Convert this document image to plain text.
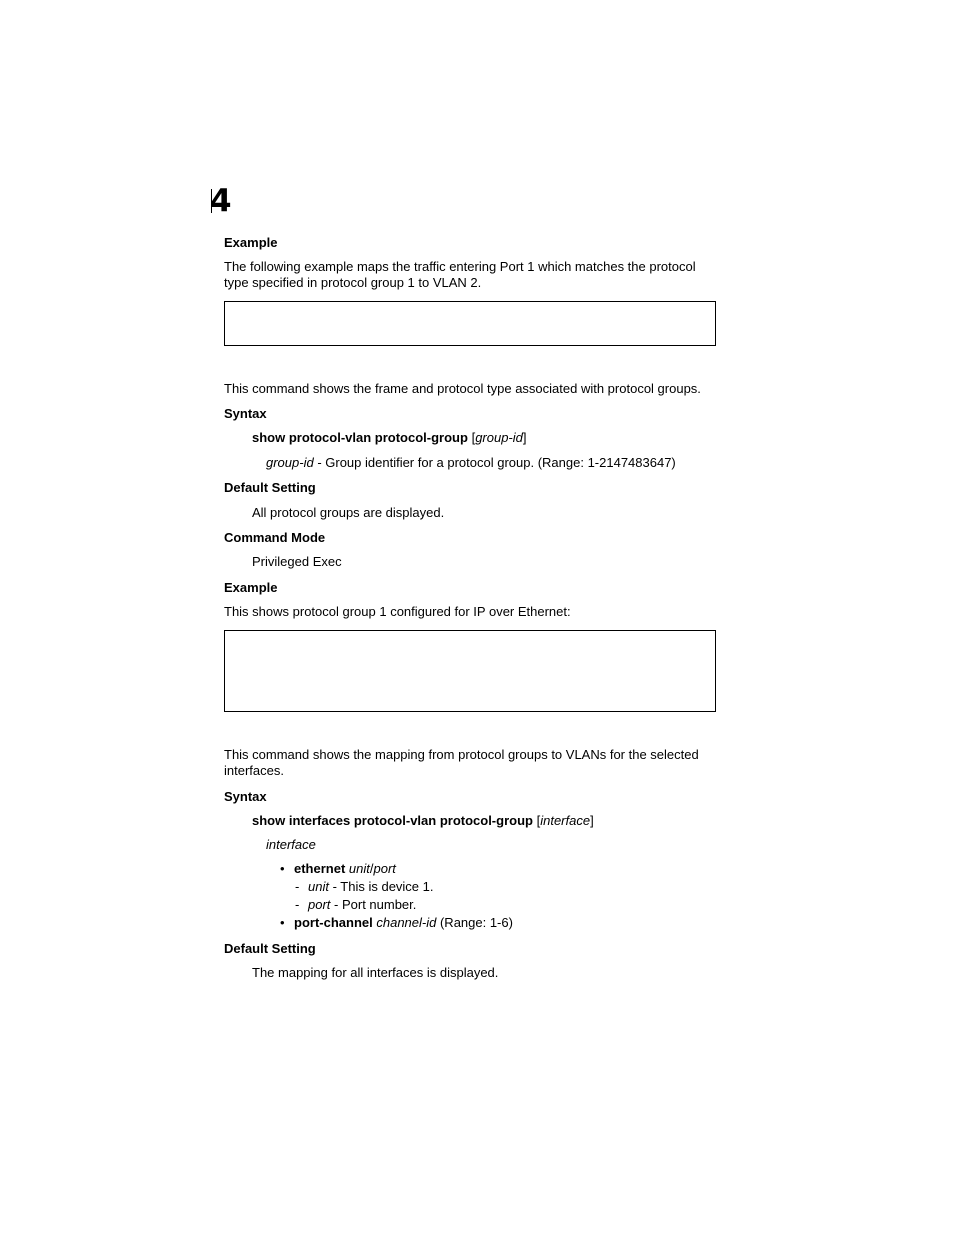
4
Example
The following example maps the traffic entering Port 1 which matches the protocol type specified in protocol group 1 to VLAN 2.
This command shows the frame and protocol type associated with protocol groups.
Syntax
show protocol-vlan protocol-group [group-id]
group-id - Group identifier for a protocol group. (Range: 1-2147483647)
Default Setting
All protocol groups are displayed.
Command Mode
Privileged Exec
Example
This shows protocol group 1 configured for IP over Ethernet:
This command shows the mapping from protocol groups to VLANs for the selected interfaces.
Syntax
show interfaces protocol-vlan protocol-group [interface]
interface
• ethernet unit/port
- unit - This is device 1.
- port - Port number.
• port-channel channel-id (Range: 1-6)
Default Setting
The mapping for all interfaces is displayed.
